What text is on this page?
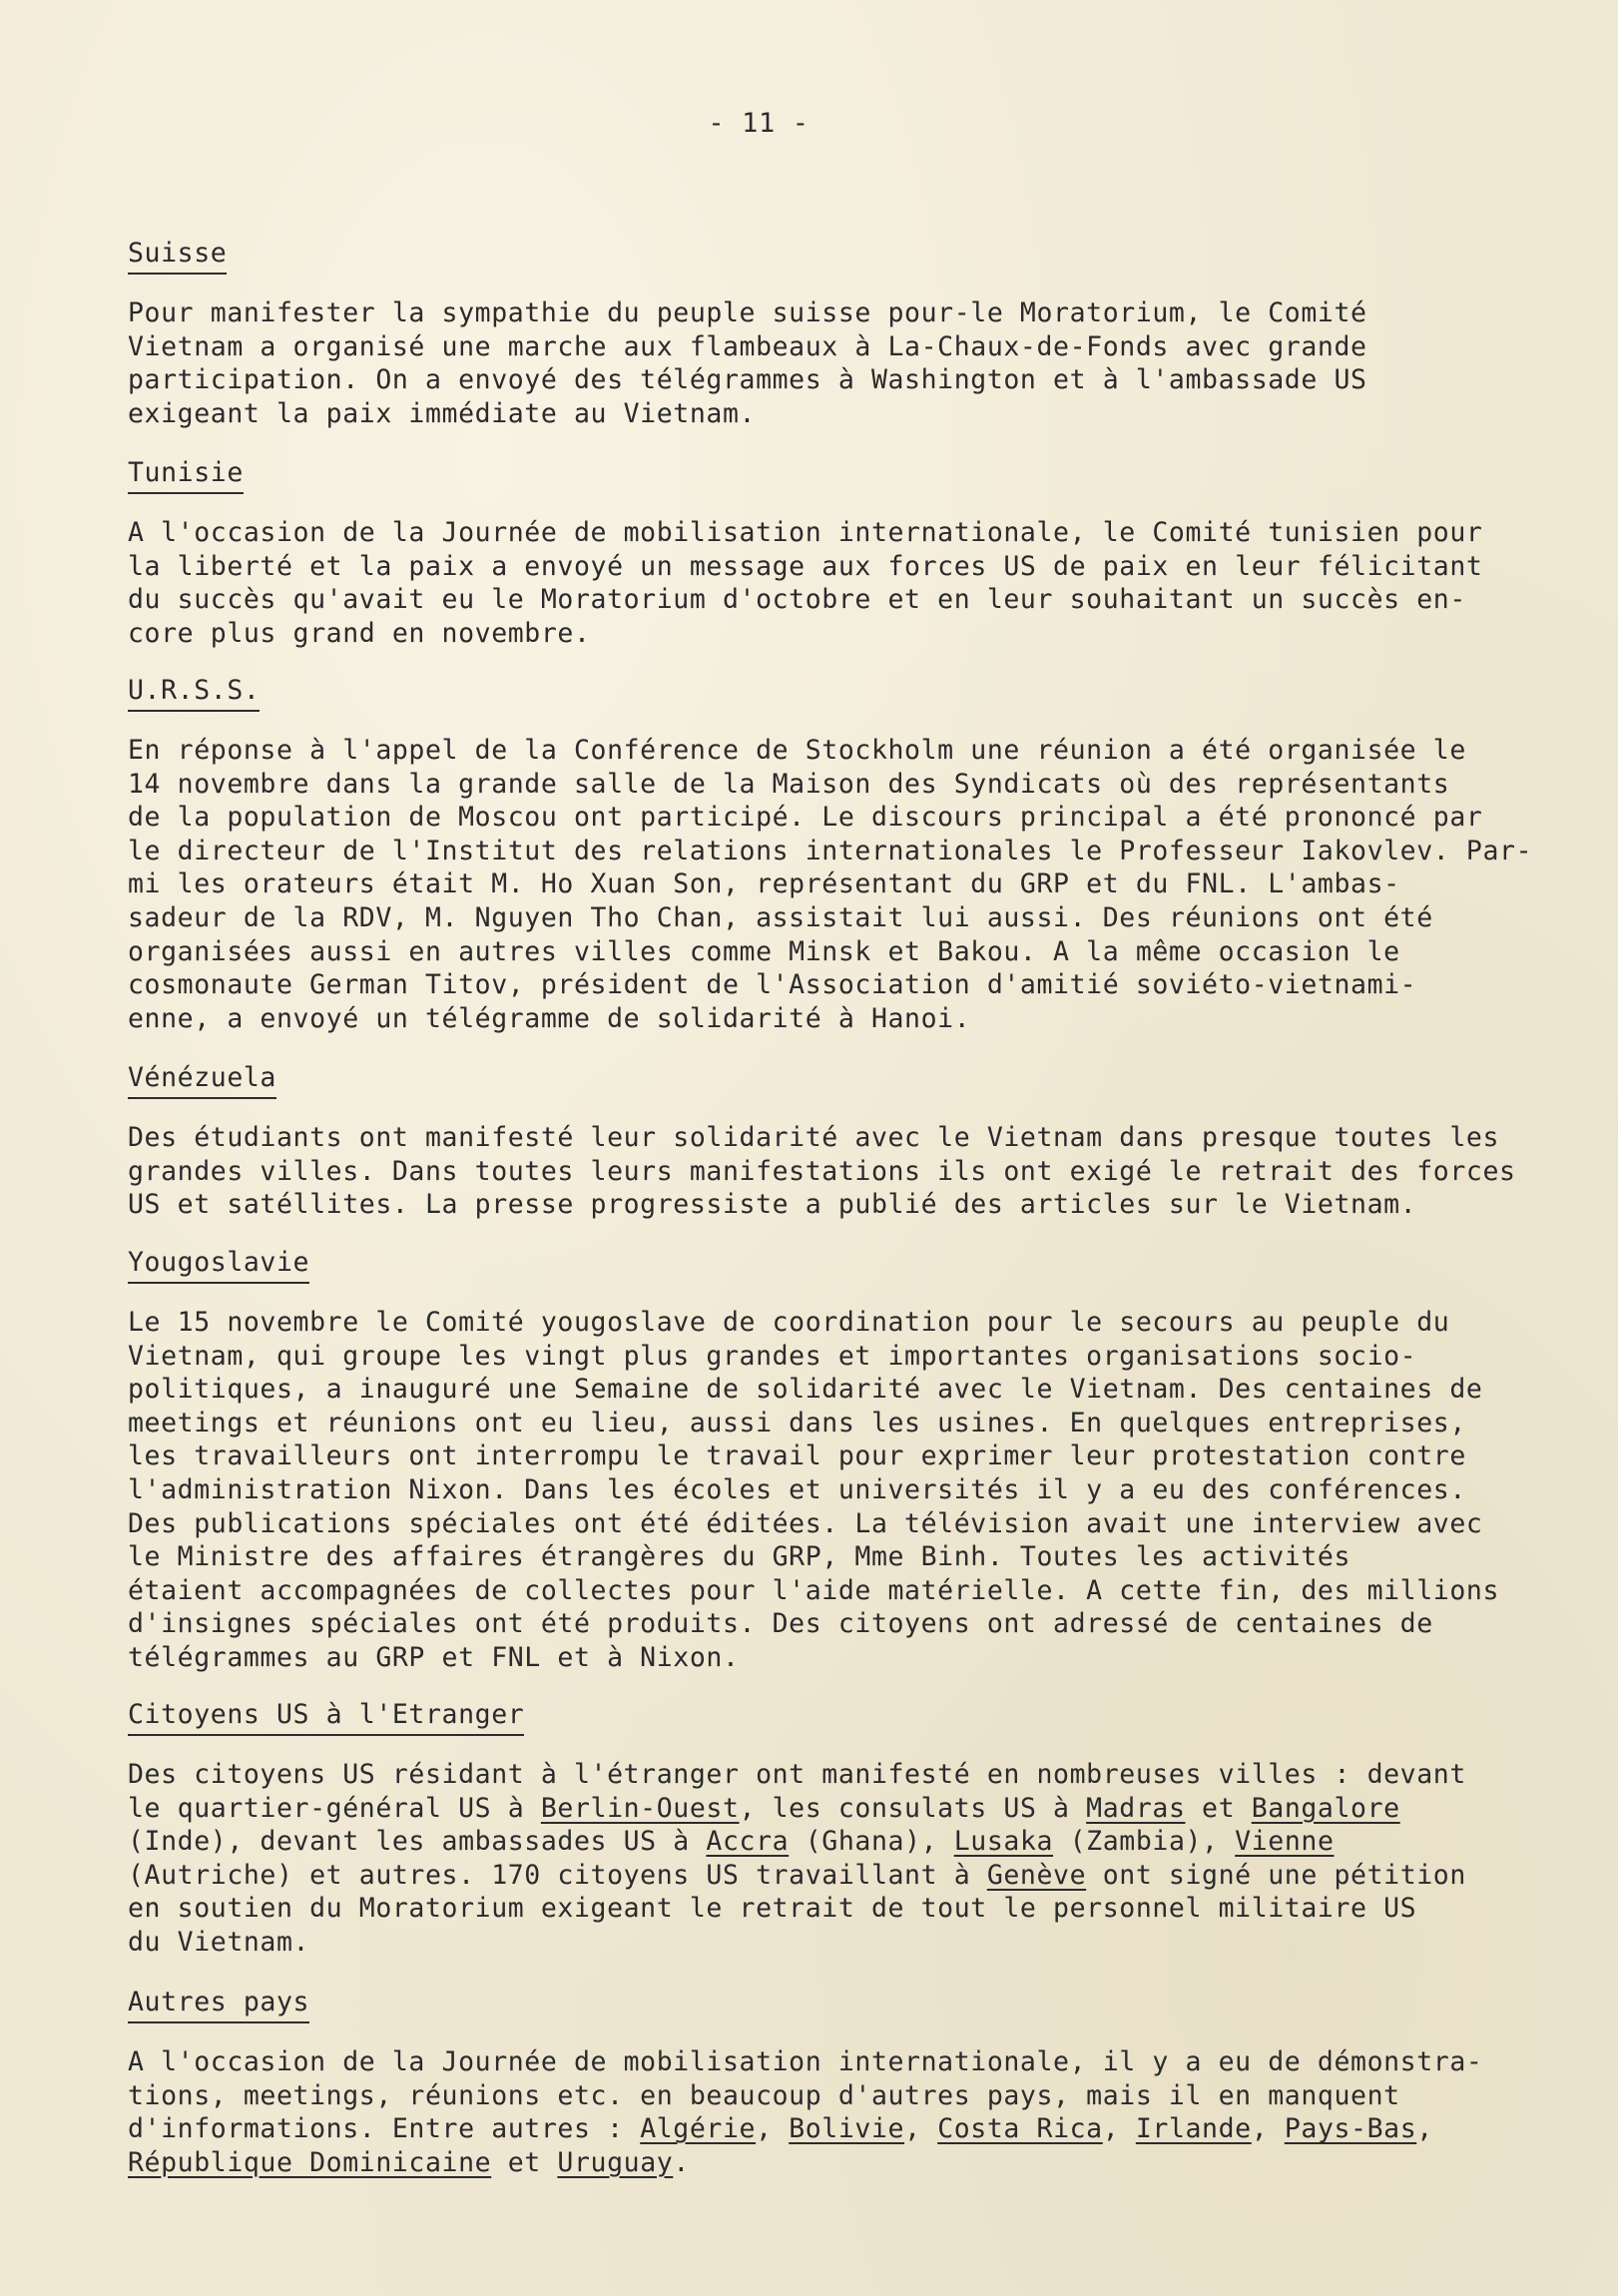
- 11 -
Suisse
Pour manifester la sympathie du peuple suisse pour-le Moratorium, le Comité
Vietnam a organisé une marche aux flambeaux à La-Chaux-de-Fonds avec grande
participation. On a envoyé des télégrammes à Washington et à l'ambassade US
exigeant la paix immédiate au Vietnam.
Tunisie
A l'occasion de la Journée de mobilisation internationale, le Comité tunisien pour
la liberté et la paix a envoyé un message aux forces US de paix en leur félicitant
du succès qu'avait eu le Moratorium d'octobre et en leur souhaitant un succès en-
core plus grand en novembre.
U.R.S.S.
En réponse à l'appel de la Conférence de Stockholm une réunion a été organisée le
14 novembre dans la grande salle de la Maison des Syndicats où des représentants
de la population de Moscou ont participé. Le discours principal a été prononcé par
le directeur de l'Institut des relations internationales le Professeur Iakovlev. Par-
mi les orateurs était M. Ho Xuan Son, représentant du GRP et du FNL. L'ambas-
sadeur de la RDV, M. Nguyen Tho Chan, assistait lui aussi. Des réunions ont été
organisées aussi en autres villes comme Minsk et Bakou. A la même occasion le
cosmonaute German Titov, président de l'Association d'amitié soviéto-vietnami-
enne, a envoyé un télégramme de solidarité à Hanoi.
Vénézuela
Des étudiants ont manifesté leur solidarité avec le Vietnam dans presque toutes les
grandes villes. Dans toutes leurs manifestations ils ont exigé le retrait des forces
US et satéllites. La presse progressiste a publié des articles sur le Vietnam.
Yougoslavie
Le 15 novembre le Comité yougoslave de coordination pour le secours au peuple du
Vietnam, qui groupe les vingt plus grandes et importantes organisations socio-
politiques, a inauguré une Semaine de solidarité avec le Vietnam. Des centaines de
meetings et réunions ont eu lieu, aussi dans les usines. En quelques entreprises,
les travailleurs ont interrompu le travail pour exprimer leur protestation contre
l'administration Nixon. Dans les écoles et universités il y a eu des conférences.
Des publications spéciales ont été éditées. La télévision avait une interview avec
le Ministre des affaires étrangères du GRP, Mme Binh. Toutes les activités
étaient accompagnées de collectes pour l'aide matérielle. A cette fin, des millions
d'insignes spéciales ont été produits. Des citoyens ont adressé de centaines de
télégrammes au GRP et FNL et à Nixon.
Citoyens US à l'Etranger
Des citoyens US résidant à l'étranger ont manifesté en nombreuses villes : devant
le quartier-général US à Berlin-Ouest, les consulats US à Madras et Bangalore
(Inde), devant les ambassades US à Accra (Ghana), Lusaka (Zambia), Vienne
(Autriche) et autres. 170 citoyens US travaillant à Genève ont signé une pétition
en soutien du Moratorium exigeant le retrait de tout le personnel militaire US
du Vietnam.
Autres pays
A l'occasion de la Journée de mobilisation internationale, il y a eu de démonstra-
tions, meetings, réunions etc. en beaucoup d'autres pays, mais il en manquent
d'informations. Entre autres : Algérie, Bolivie, Costa Rica, Irlande, Pays-Bas,
République Dominicaine et Uruguay.
